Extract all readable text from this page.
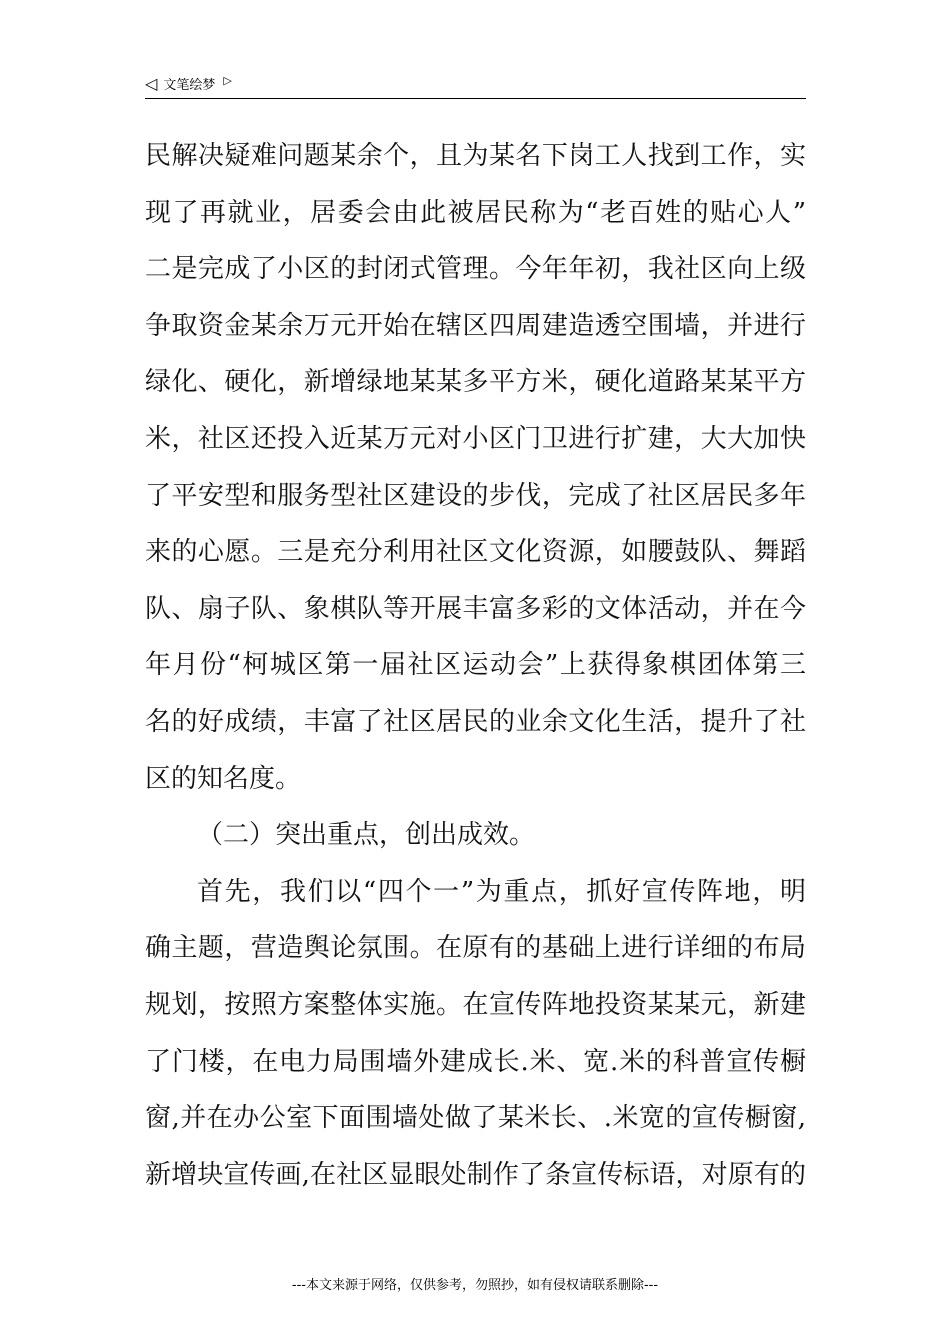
◁ 文笔绘梦 ▷
民解决疑难问题某余个，且为某名下岗工人找到工作，实
现了再就业，居委会由此被居民称为“老百姓的贴心人”
二是完成了小区的封闭式管理。今年年初，我社区向上级
争取资金某余万元开始在辖区四周建造透空围墙，并进行
绿化、硬化，新增绿地某某多平方米，硬化道路某某平方
米，社区还投入近某万元对小区门卫进行扩建，大大加快
了平安型和服务型社区建设的步伐，完成了社区居民多年
来的心愿。三是充分利用社区文化资源，如腰鼓队、舞蹈
队、扇子队、象棋队等开展丰富多彩的文体活动，并在今
年月份“柯城区第一届社区运动会”上获得象棋团体第三
名的好成绩，丰富了社区居民的业余文化生活，提升了社
区的知名度。
（二）突出重点，创出成效。
首先，我们以“四个一”为重点，抓好宣传阵地，明
确主题，营造舆论氛围。在原有的基础上进行详细的布局
规划，按照方案整体实施。在宣传阵地投资某某元，新建
了门楼，在电力局围墙外建成长.米、宽.米的科普宣传橱
窗,并在办公室下面围墙处做了某米长、.米宽的宣传橱窗,
新增块宣传画,在社区显眼处制作了条宣传标语，对原有的
---本文来源于网络，仅供参考，勿照抄，如有侵权请联系删除---
